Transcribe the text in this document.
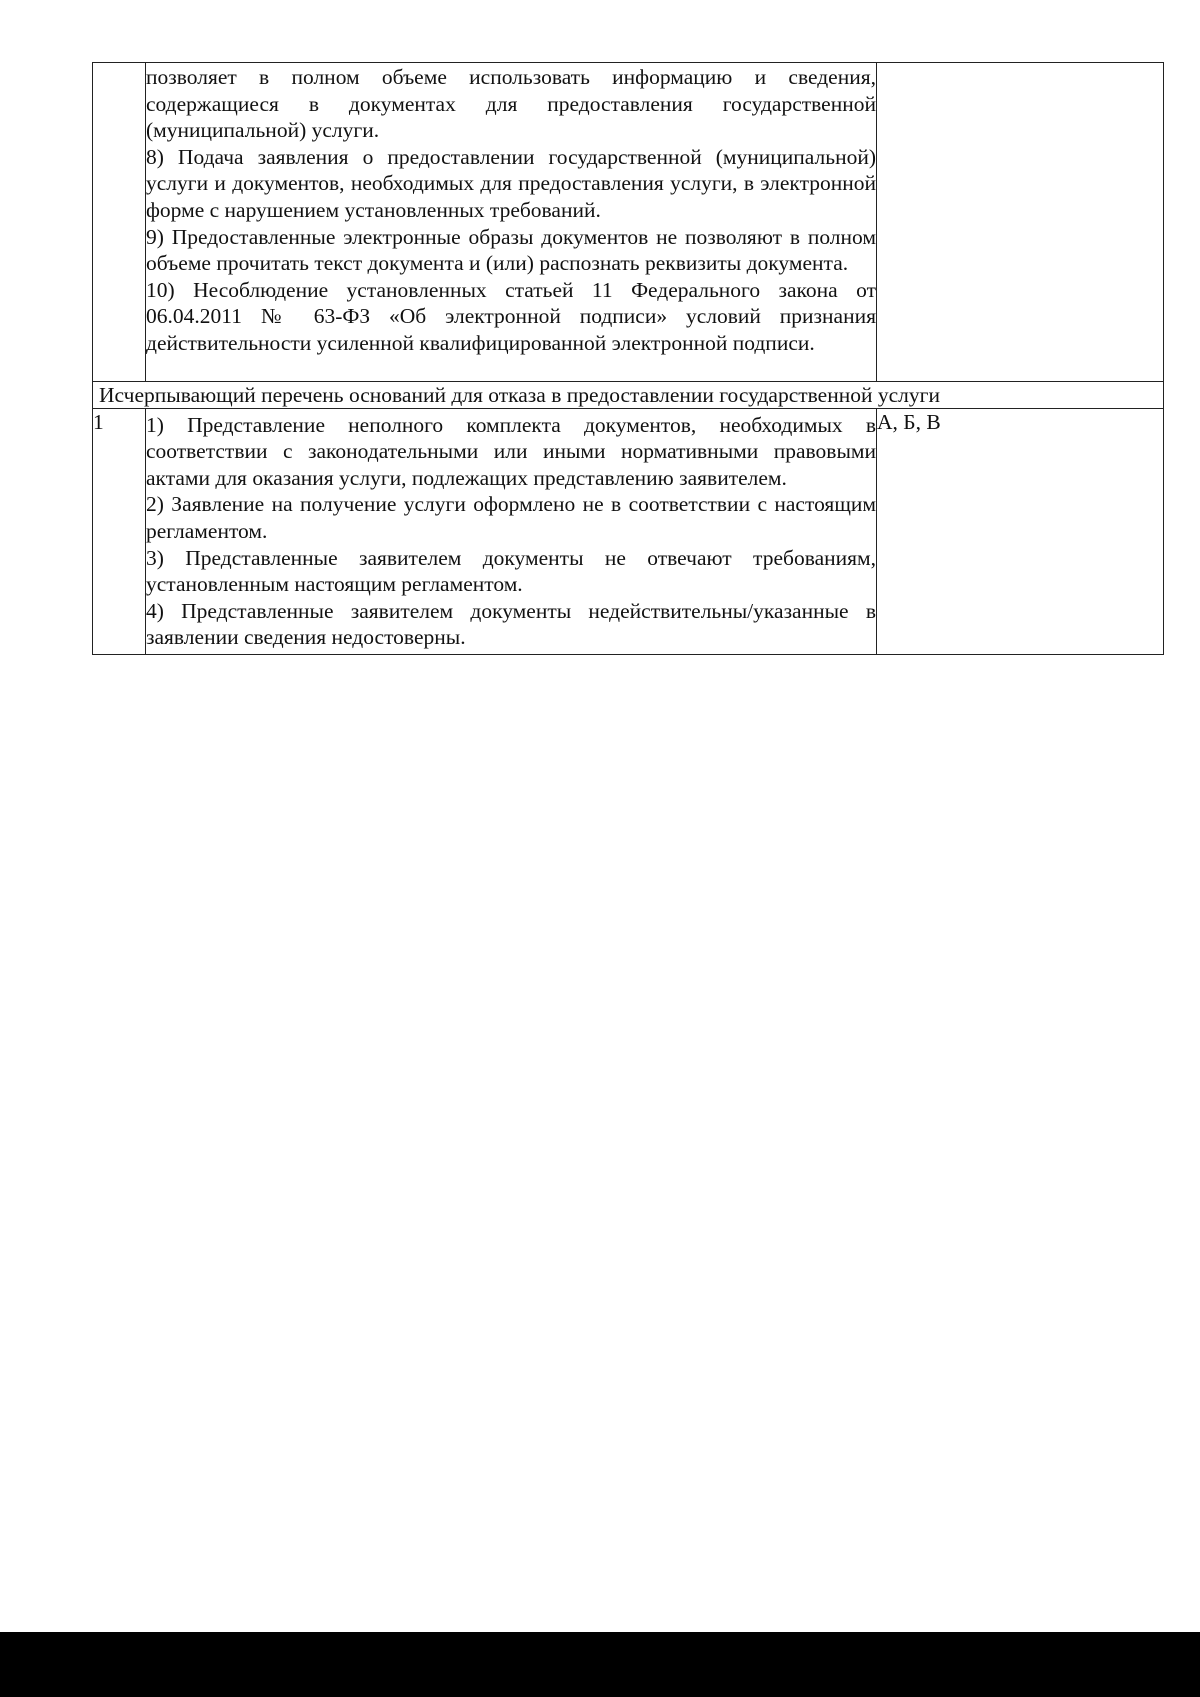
	позволяет в полном объеме использовать информацию и сведения, содержащиеся в документах для предоставления государственной (муниципальной) услуги.

8) Подача заявления о предоставлении государственной (муниципальной) услуги и документов, необходимых для предоставления услуги, в электронной форме с нарушением установленных требований.

9) Предоставленные электронные образы документов не позволяют в полном объеме прочитать текст документа и (или) распознать реквизиты документа.

10) Несоблюдение установленных статьей 11 Федерального закона от 06.04.2011 № 63-ФЗ «Об электронной подписи» условий признания действительности усиленной квалифицированной электронной подписи.	

Исчерпывающий перечень оснований для отказа в предоставлении государственной услуги		
1	1) Представление неполного комплекта документов, необходимых в соответствии с законодательными или иными нормативными правовыми актами для оказания услуги, подлежащих представлению заявителем.

2) Заявление на получение услуги оформлено не в соответствии с настоящим регламентом.

3) Представленные заявителем документы не отвечают требованиям, установленным настоящим регламентом.

4) Представленные заявителем документы недействительны/указанные в заявлении сведения недостоверны.	А, Б, В
